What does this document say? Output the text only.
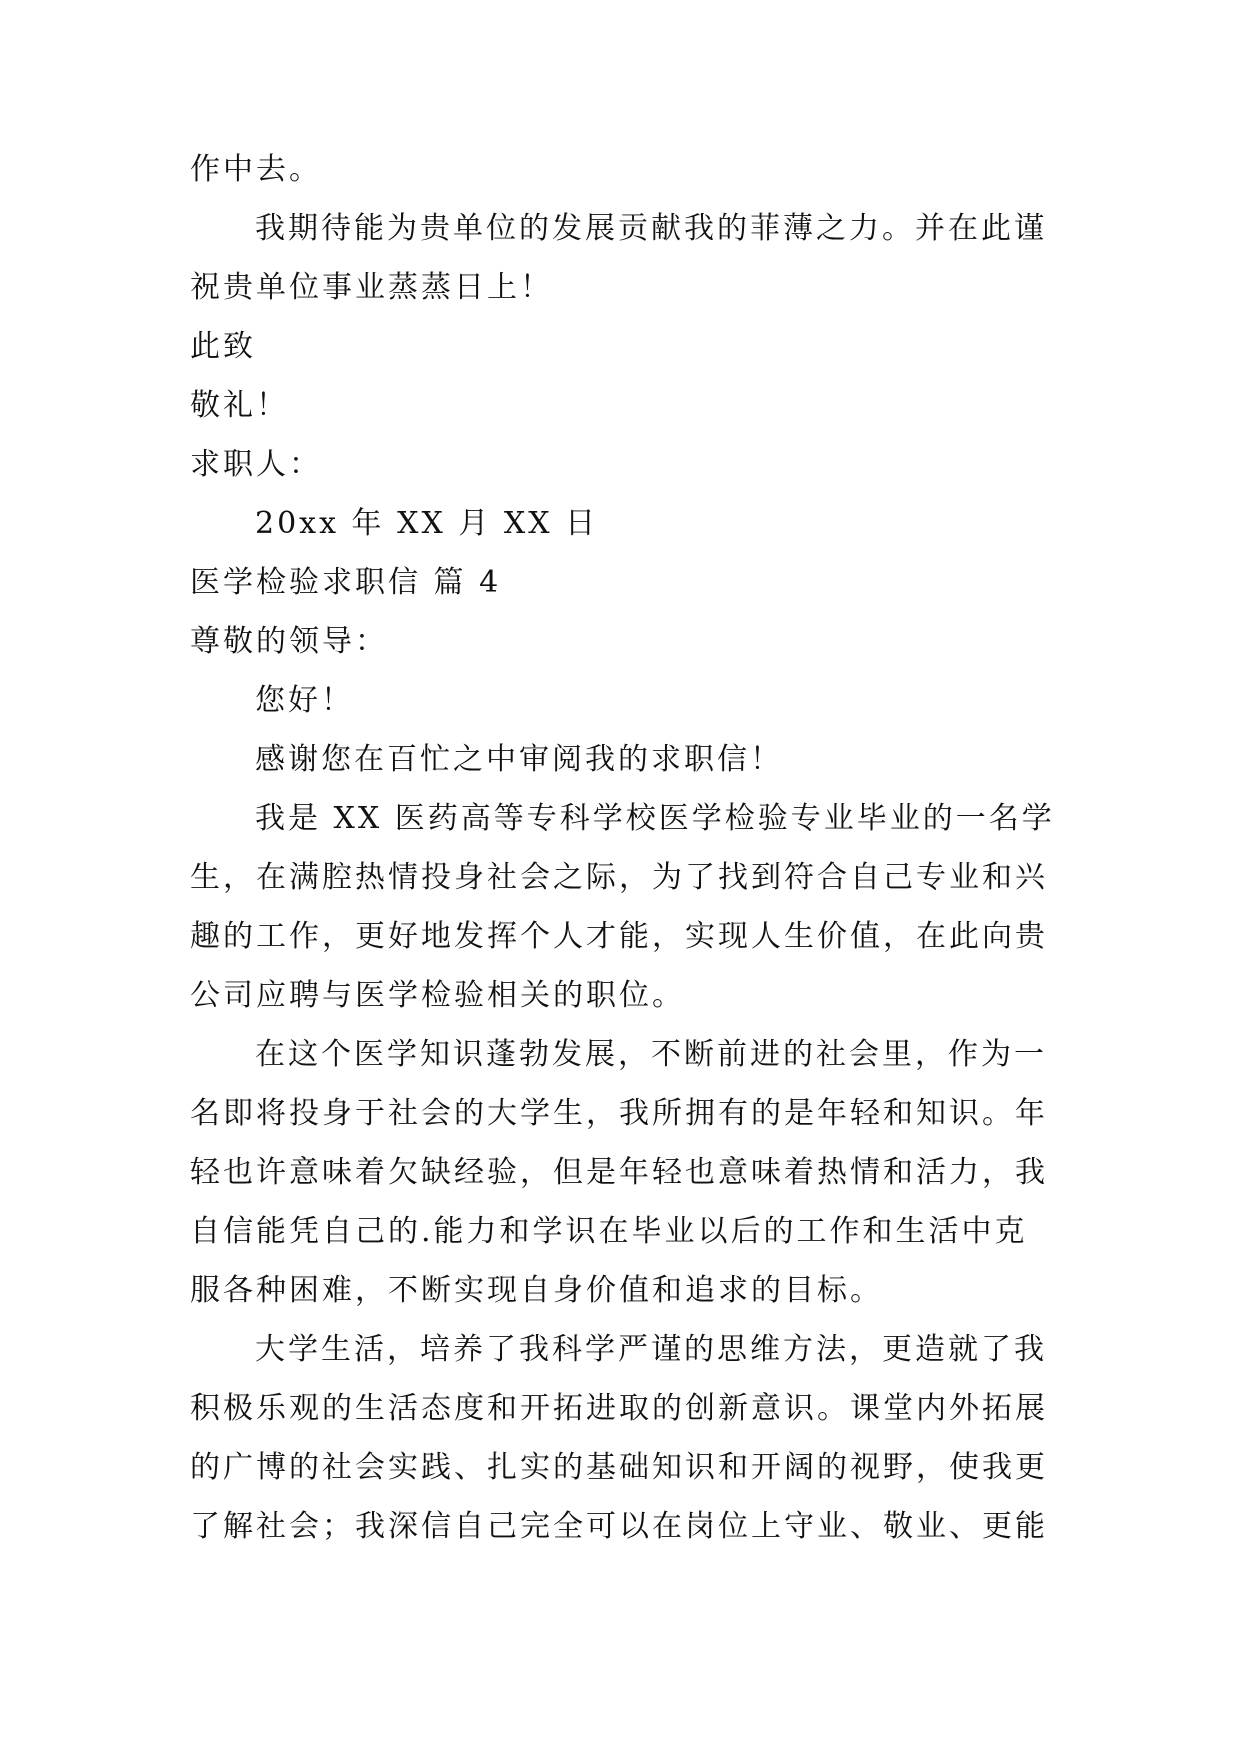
作中去。

我期待能为贵单位的发展贡献我的菲薄之力。并在此谨

祝贵单位事业蒸蒸日上！

此致

敬礼！

求职人：

20xx 年 XX 月 XX 日

医学检验求职信 篇 4

尊敬的领导：

您好！

感谢您在百忙之中审阅我的求职信！

我是 XX 医药高等专科学校医学检验专业毕业的一名学

生，在满腔热情投身社会之际，为了找到符合自己专业和兴

趣的工作，更好地发挥个人才能，实现人生价值，在此向贵

公司应聘与医学检验相关的职位。

在这个医学知识蓬勃发展，不断前进的社会里，作为一

名即将投身于社会的大学生，我所拥有的是年轻和知识。年

轻也许意味着欠缺经验，但是年轻也意味着热情和活力，我

自信能凭自己的.能力和学识在毕业以后的工作和生活中克

服各种困难，不断实现自身价值和追求的目标。

大学生活，培养了我科学严谨的思维方法，更造就了我

积极乐观的生活态度和开拓进取的创新意识。课堂内外拓展

的广博的社会实践、扎实的基础知识和开阔的视野，使我更

了解社会；我深信自己完全可以在岗位上守业、敬业、更能
